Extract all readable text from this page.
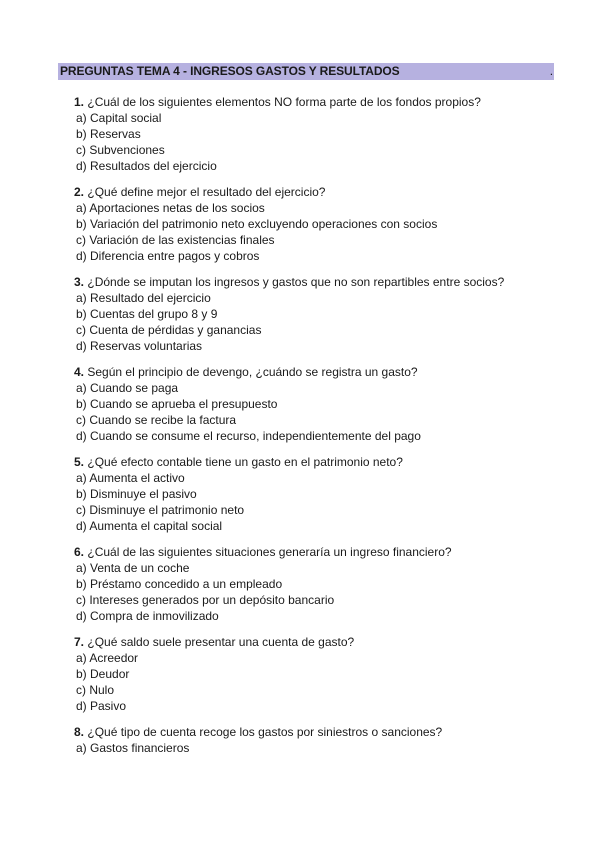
PREGUNTAS TEMA 4 - INGRESOS GASTOS Y RESULTADOS	.
1. ¿Cuál de los siguientes elementos NO forma parte de los fondos propios?
a) Capital social
b) Reservas
c) Subvenciones
d) Resultados del ejercicio
2. ¿Qué define mejor el resultado del ejercicio?
a) Aportaciones netas de los socios
b) Variación del patrimonio neto excluyendo operaciones con socios
c) Variación de las existencias finales
d) Diferencia entre pagos y cobros
3. ¿Dónde se imputan los ingresos y gastos que no son repartibles entre socios?
a) Resultado del ejercicio
b) Cuentas del grupo 8 y 9
c) Cuenta de pérdidas y ganancias
d) Reservas voluntarias
4. Según el principio de devengo, ¿cuándo se registra un gasto?
a) Cuando se paga
b) Cuando se aprueba el presupuesto
c) Cuando se recibe la factura
d) Cuando se consume el recurso, independientemente del pago
5. ¿Qué efecto contable tiene un gasto en el patrimonio neto?
a) Aumenta el activo
b) Disminuye el pasivo
c) Disminuye el patrimonio neto
d) Aumenta el capital social
6. ¿Cuál de las siguientes situaciones generaría un ingreso financiero?
a) Venta de un coche
b) Préstamo concedido a un empleado
c) Intereses generados por un depósito bancario
d) Compra de inmovilizado
7. ¿Qué saldo suele presentar una cuenta de gasto?
a) Acreedor
b) Deudor
c) Nulo
d) Pasivo
8. ¿Qué tipo de cuenta recoge los gastos por siniestros o sanciones?
a) Gastos financieros
